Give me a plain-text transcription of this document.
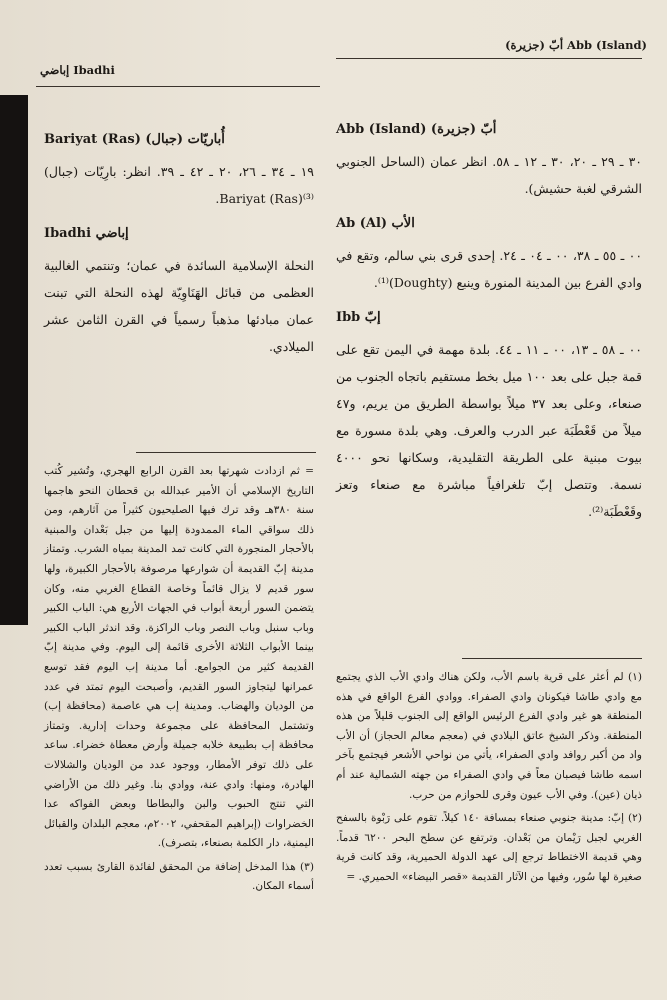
أبّ (جزيرة) Abb (Island)
إباضي Ibadhi

أبّ (جزيرة) Abb (Island)

٣٠ ـ ٢٩ ـ ٢٠، ٣٠ ـ ١٢ ـ ٥٨. انظر عمان (الساحل الجنوبي الشرقي لغبة حشيش).

الأب Ab (Al)

٠٠ ـ ٥٥ ـ ٣٨، ٠٠ ـ ٠٤ ـ ٢٤. إحدى قرى بني سالم، وتقع في وادي الفرع بين المدينة المنورة وينبع (Doughty)⁽¹⁾.

إبّ Ibb

٠٠ ـ ٥٨ ـ ١٣، ٠٠ ـ ١١ ـ ٤٤. بلدة مهمة في اليمن تقع على قمة جبل على بعد ١٠٠ ميل بخط مستقيم باتجاه الجنوب من صنعاء، وعلى بعد ٣٧ ميلاً بواسطة الطريق من يريم، و٤٧ ميلاً من قَعْطَبَة عبر الدرب والعرف. وهي بلدة مسورة مع بيوت مبنية على الطريقة التقليدية، وسكانها نحو ٤٠٠٠ نسمة. وتتصل إبّ تلغرافياً مباشرة مع صنعاء وتعز وقَعْطَبَة⁽²⁾.

(١) لم أعثر على قرية باسم الأب، ولكن هناك وادي الأب الذي يجتمع مع وادي طاشا فيكونان وادي الصفراء. ووادي الفرع الواقع في هذه المنطقة هو غير وادي الفرع الرئيس الواقع إلى الجنوب قليلاً من هذه المنطقة. وذكر الشيخ عاتق البلادي في (معجم معالم الحجاز) أن الأب واد من أكبر روافد وادي الصفراء، يأتي من نواحي الأشعر فيجتمع بآخر اسمه طاشا فيصبان معاً في وادي الصفراء من جهته الشمالية عند أم ذيان (عين). وفي الأب عيون وقرى للحوازم من حرب.

(٢) إبّ: مدينة جنوبي صنعاء بمسافة ١٤٠ كيلاً. تقوم على رَبْوة بالسفح الغربي لجبل رَيْمان من بَعْدان. وترتفع عن سطح البحر ٦٢٠٠ قدماً. وهي قديمة الاختطاط ترجع إلى عهد الدولة الحميرية، وقد كانت قرية صغيرة لها سُور، وفيها من الآثار القديمة «قصر البيضاء» الحميري. =

أُباريّات (جبال) Bariyat (Ras)

١٩ ـ ٣٤ ـ ٢٦، ٢٠ ـ ٤٢ ـ ٣٩. انظر: بارِيّات (جبال) Bariyat (Ras)⁽³⁾.

إباضي Ibadhi

النحلة الإسلامية السائدة في عمان؛ وتنتمي الغالبية العظمى من قبائل الهَنَاوِيّة لهذه النحلة التي تبنت عمان مبادئها مذهباً رسمياً في القرن الثامن عشر الميلادي.

= ثم ازدادت شهرتها بعد القرن الرابع الهجري، وتُشير كُتب التاريخ الإسلامي أن الأمير عبدالله بن قحطان النحو هاجمها سنة ٣٨٠هـ وقد ترك فيها الصليحيون كثيراً من آثارهم، ومن ذلك سواقي الماء الممدودة إليها من جبل بَعْدان والمبنية بالأحجار المنجورة التي كانت تمد المدينة بمياه الشرب. وتمتاز مدينة إبّ القديمة أن شوارعها مرصوفة بالأحجار الكبيرة، ولها سور قديم لا يزال قائماً وخاصة القطاع الغربي منه، وكان يتضمن السور أربعة أبواب في الجهات الأربع هي: الباب الكبير وباب سنبل وباب النصر وباب الراكزة. وقد اندثر الباب الكبير بينما الأبواب الثلاثة الأخرى قائمة إلى اليوم. وفي مدينة إبّ القديمة كثير من الجوامع. أما مدينة إب اليوم فقد توسع عمرانها ليتجاوز السور القديم، وأصبحت اليوم تمتد في عدد من الوديان والهضاب. ومدينة إب هي عاصمة (محافظة إب) وتشتمل المحافظة على مجموعة وحدات إدارية. وتمتاز محافظة إب بطبيعة خلابه جميلة وأرض معطاة خضراء. ساعد على ذلك توفر الأمطار، ووجود عدد من الوديان والشلالات الهادرة، ومنها: وادي عنة، ووادي بنا. وغير ذلك من الأراضي التي تنتج الحبوب والبن والبطاطا وبعض الفواكه عدا الخضراوات (إبراهيم المقحفي، ٢٠٠٢م، معجم البلدان والقبائل اليمنية، دار الكلمة بصنعاء، بتصرف).

(٣) هذا المدخل إضافة من المحقق لفائدة القارئ بسبب تعدد أسماء المكان.
